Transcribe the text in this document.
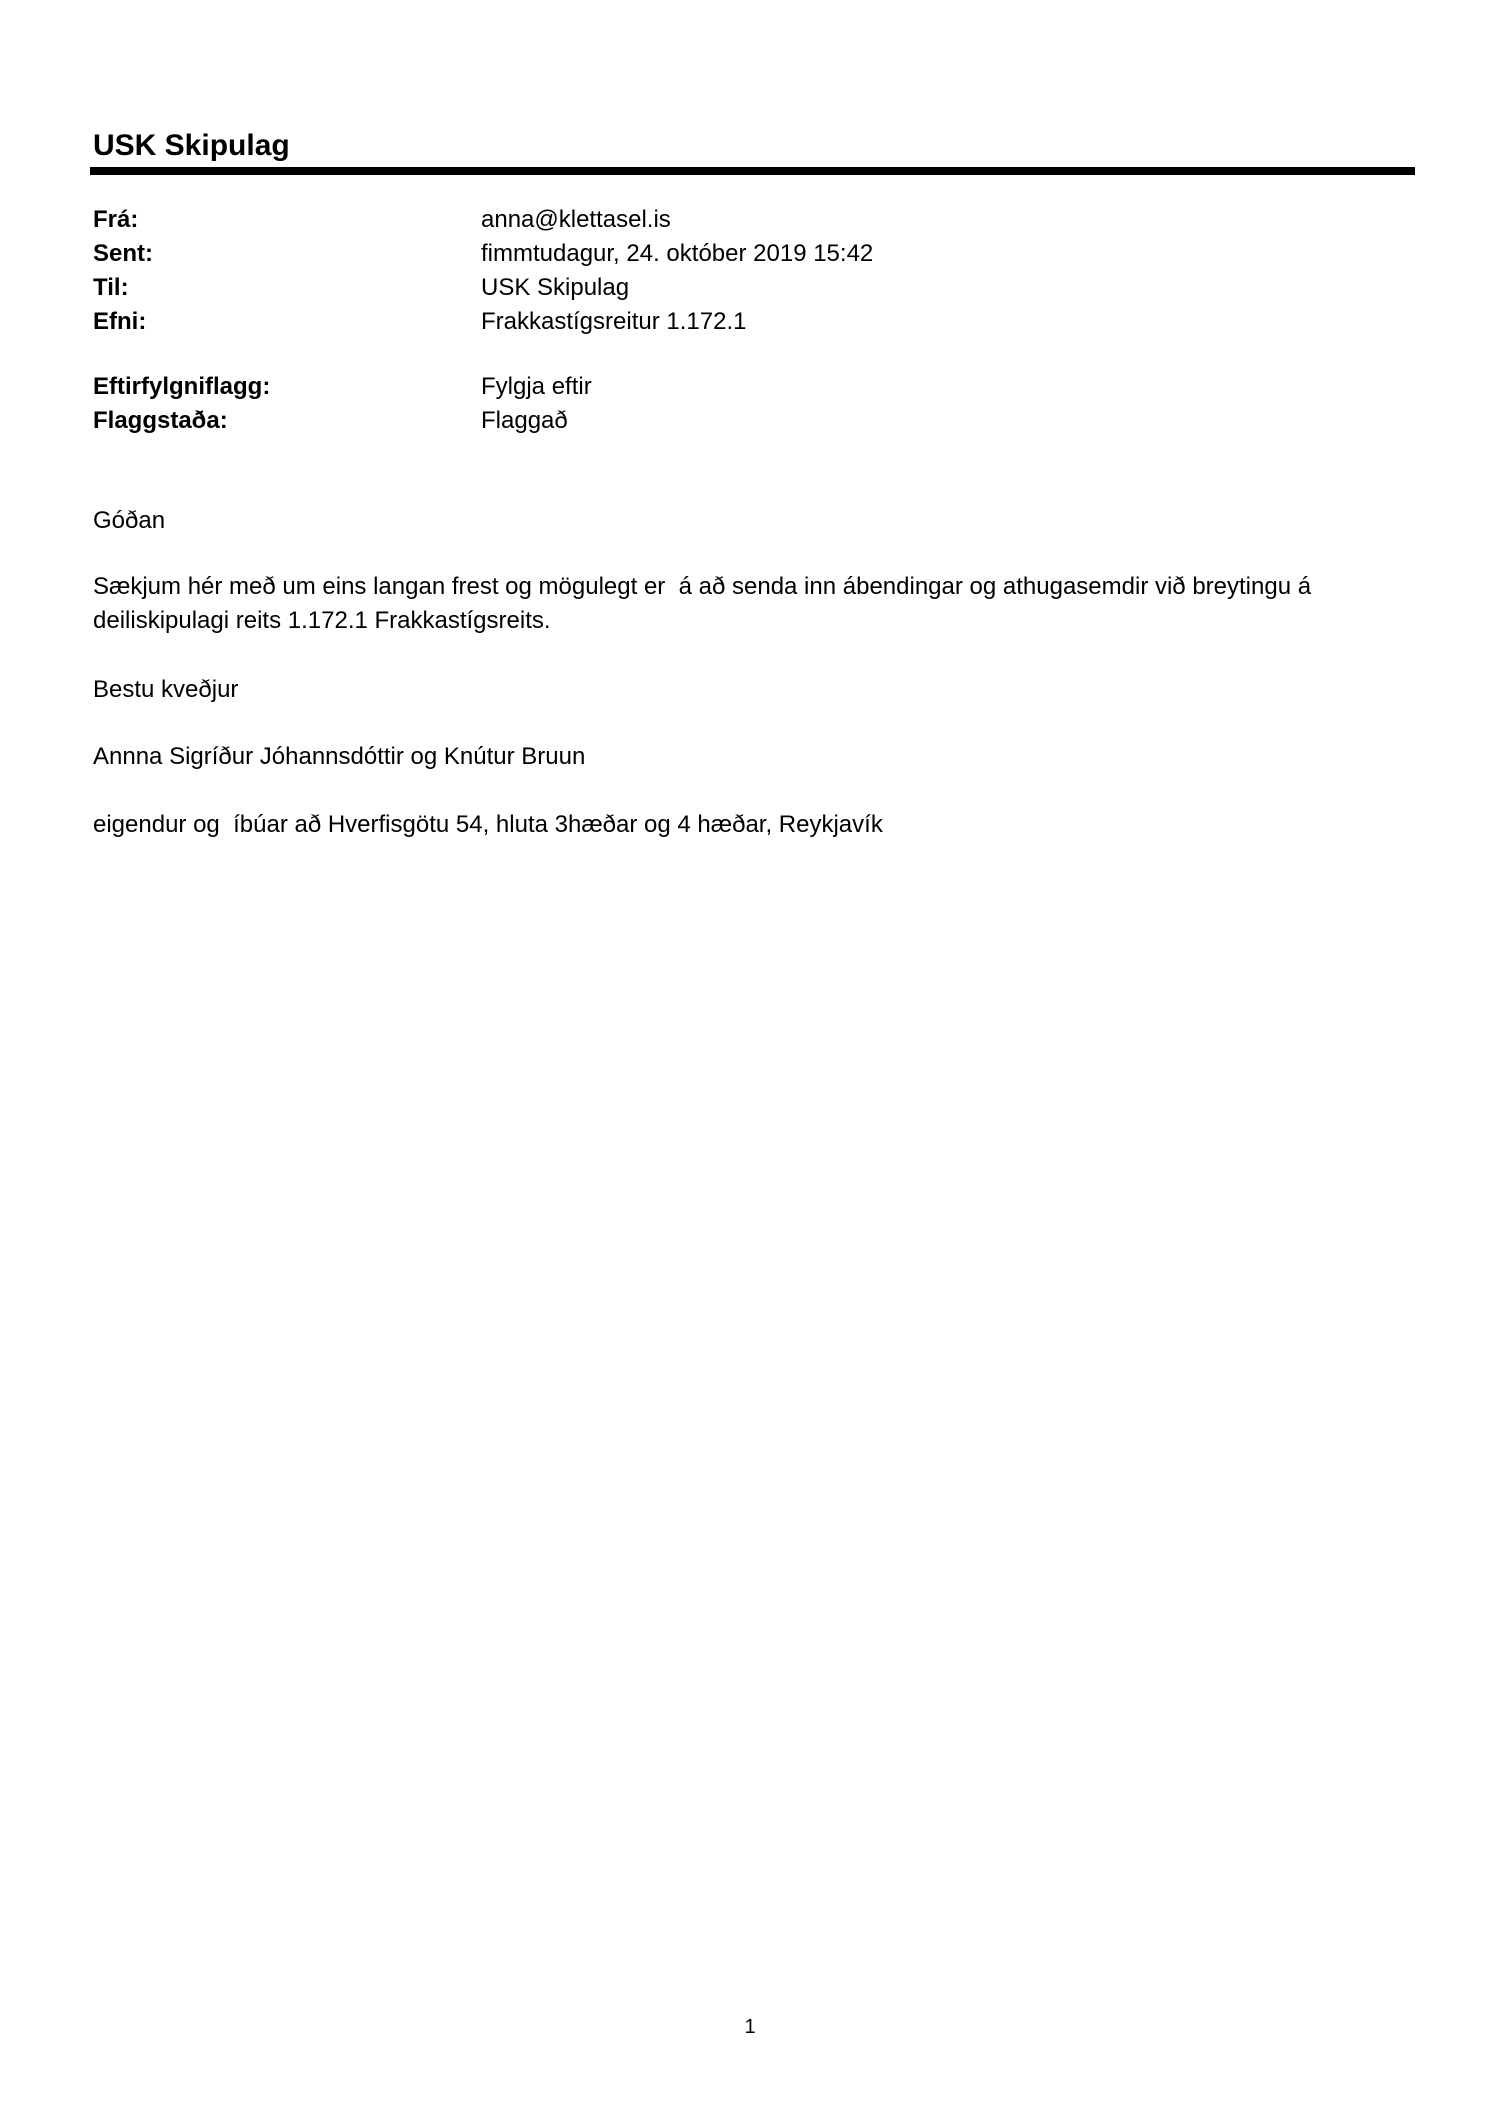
USK Skipulag
Frá:	anna@klettasel.is
Sent:	fimmtudagur, 24. október 2019 15:42
Til:	USK Skipulag
Efni:	Frakkastígsreitur 1.172.1
Eftirfylgniflagg:	Fylgja eftir
Flaggstaða:	Flaggað
Góðan
Sækjum hér með um eins langan frest og mögulegt er  á að senda inn ábendingar og athugasemdir við breytingu á
deiliskipulagi reits 1.172.1 Frakkastígsreits.
Bestu kveðjur
Annna Sigríður Jóhannsdóttir og Knútur Bruun
eigendur og  íbúar að Hverfisgötu 54, hluta 3hæðar og 4 hæðar, Reykjavík
1
